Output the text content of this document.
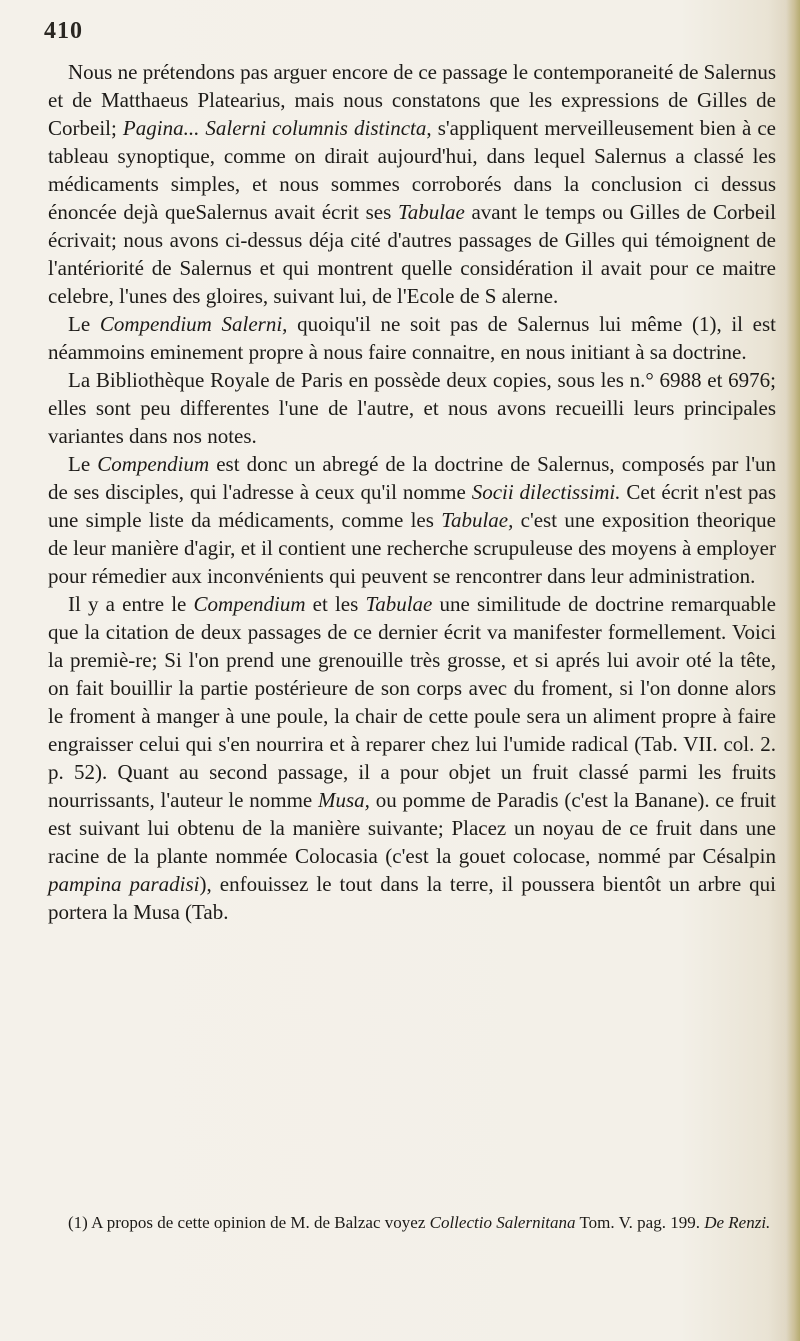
410

Nous ne prétendons pas arguer encore de ce passage le contemporaneité de Salernus et de Matthaeus Platearius, mais nous constatons que les expressions de Gilles de Corbeil; Pagina... Salerni columnis distincta, s'appliquent merveilleusement bien à ce tableau synoptique, comme on dirait aujourd'hui, dans lequel Salernus a classé les médicaments simples, et nous sommes corroborés dans la conclusion ci dessus énoncée dejà queSalernus avait écrit ses Tabulae avant le temps ou Gilles de Corbeil écrivait; nous avons ci-dessus déja cité d'autres passages de Gilles qui témoignent de l'antériorité de Salernus et qui montrent quelle considération il avait pour ce maitre celebre, l'unes des gloires, suivant lui, de l'Ecole de S alerne.

Le Compendium Salerni, quoiqu'il ne soit pas de Salernus lui même (1), il est néammoins eminement propre à nous faire connaitre, en nous initiant à sa doctrine.

La Bibliothèque Royale de Paris en possède deux copies, sous les n.° 6988 et 6976; elles sont peu differentes l'une de l'autre, et nous avons recueilli leurs principales variantes dans nos notes.

Le Compendium est donc un abregé de la doctrine de Salernus, composés par l'un de ses disciples, qui l'adresse à ceux qu'il nomme Socii dilectissimi. Cet écrit n'est pas une simple liste da médicaments, comme les Tabulae, c'est une exposition theorique de leur manière d'agir, et il contient une recherche scrupuleuse des moyens à employer pour rémedier aux inconvénients qui peuvent se rencontrer dans leur administration.

Il y a entre le Compendium et les Tabulae une similitude de doctrine remarquable que la citation de deux passages de ce dernier écrit va manifester formellement. Voici la premiè-re; Si l'on prend une grenouille très grosse, et si aprés lui avoir oté la tête, on fait bouillir la partie postérieure de son corps avec du froment, si l'on donne alors le froment à manger à une poule, la chair de cette poule sera un aliment propre à faire engraisser celui qui s'en nourrira et à reparer chez lui l'umide radical (Tab. VII. col. 2. p. 52). Quant au second passage, il a pour objet un fruit classé parmi les fruits nourrissants, l'auteur le nomme Musa, ou pomme de Paradis (c'est la Banane). ce fruit est suivant lui obtenu de la manière suivante; Placez un noyau de ce fruit dans une racine de la plante nommée Colocasia (c'est la gouet colocase, nommé par Césalpin pampina paradisi), enfouissez le tout dans la terre, il poussera bientôt un arbre qui portera la Musa (Tab.

(1) A propos de cette opinion de M. de Balzac voyez Collectio Salernitana Tom. V. pag. 199. De Renzi.
